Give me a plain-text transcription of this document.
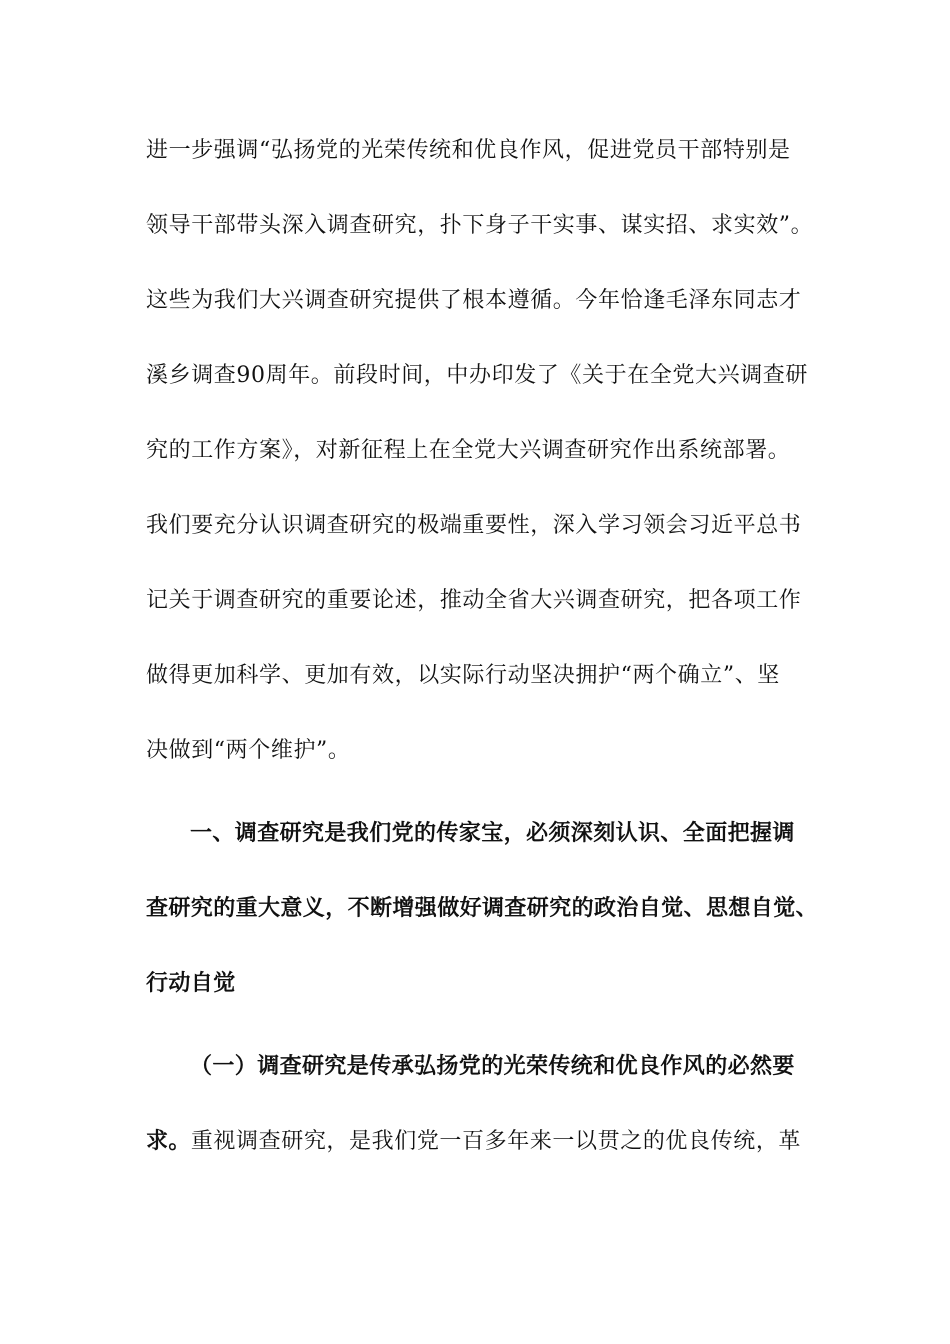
进一步强调“弘扬党的光荣传统和优良作风，促进党员干部特别是
领导干部带头深入调查研究，扑下身子干实事、谋实招、求实效”。
这些为我们大兴调查研究提供了根本遵循。今年恰逢毛泽东同志才
溪乡调查90周年。前段时间，中办印发了《关于在全党大兴调查研
究的工作方案》，对新征程上在全党大兴调查研究作出系统部署。
我们要充分认识调查研究的极端重要性，深入学习领会习近平总书
记关于调查研究的重要论述，推动全省大兴调查研究，把各项工作
做得更加科学、更加有效，以实际行动坚决拥护“两个确立”、坚
决做到“两个维护”。
一、调查研究是我们党的传家宝，必须深刻认识、全面把握调
查研究的重大意义，不断增强做好调查研究的政治自觉、思想自觉、
行动自觉
（一）调查研究是传承弘扬党的光荣传统和优良作风的必然要
求。重视调查研究，是我们党一百多年来一以贯之的优良传统，革
